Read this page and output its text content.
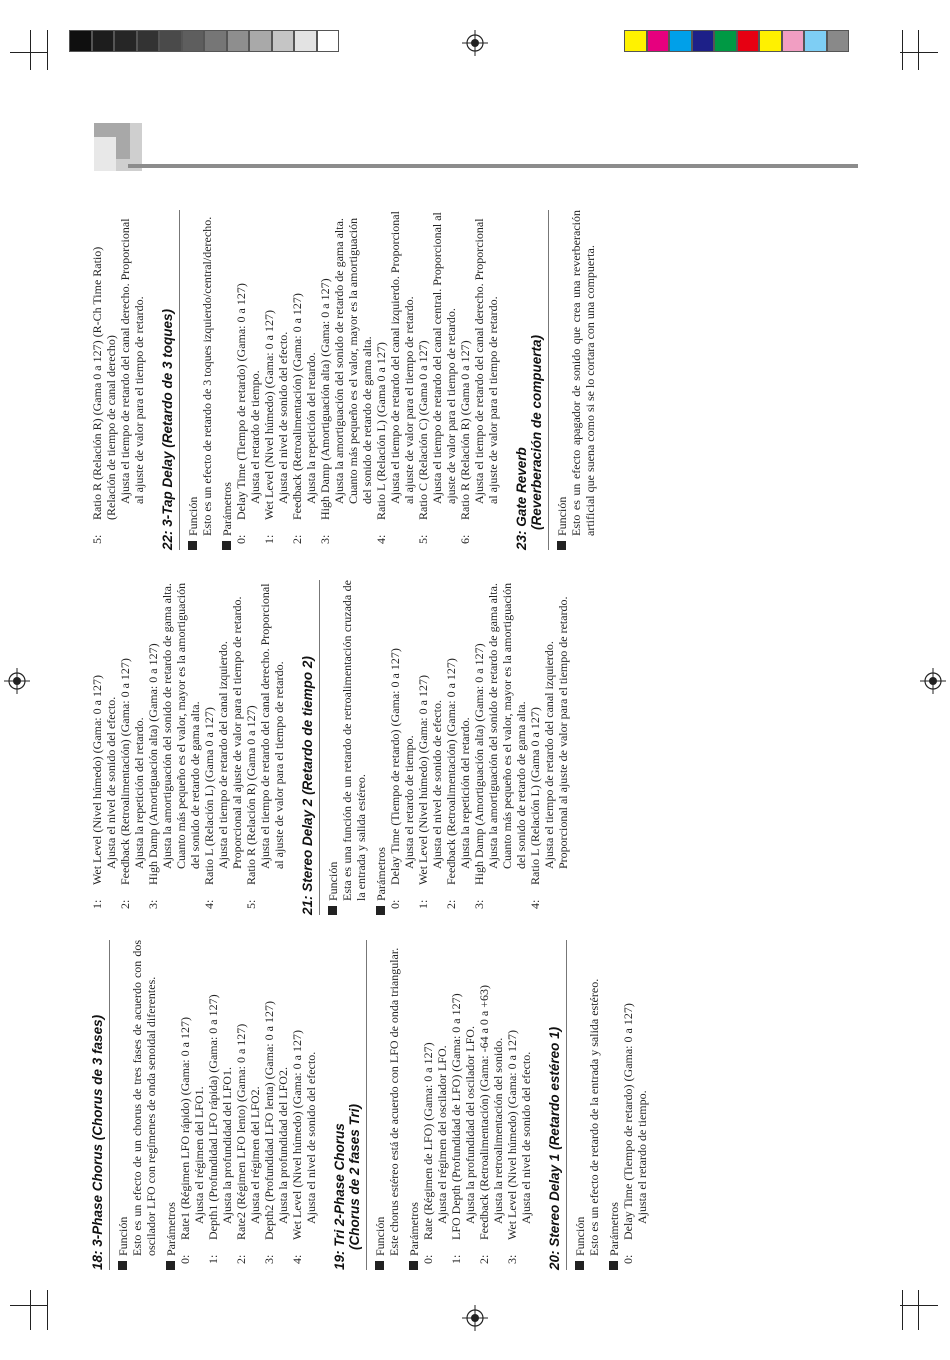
18: 3-Phase Chorus (Chorus de 3 fases) Función Esto es un efecto de un chorus de tres fases de acuerdo con dos oscilador LFO con regímenes de onda senoidal diferentes. Parámetros
0:
Rate1 (Régimen LFO rápido) (Gama: 0 a 127) Ajusta el régimen del LFO1.
1:
Depth1 (Profundidad LFO rápida) (Gama: 0 a 127) Ajusta la profundidad del LFO1.
2:
Rate2 (Régimen LFO lento) (Gama: 0 a 127) Ajusta el régimen del LFO2.
3:
Depth2 (Profundidad LFO lenta) (Gama: 0 a 127) Ajusta la profundidad del LFO2.
4:
Wet Level (Nivel húmedo) (Gama: 0 a 127) Ajusta el nivel de sonido del efecto. 19: Tri 2-Phase Chorus (Chorus de 2 fases Tri) Función Este chorus estéreo está de acuerdo con LFO de onda triangular. Parámetros
0:
Rate (Régimen de LFO) (Gama: 0 a 127) Ajusta el régimen del oscilador LFO.
1:
LFO Depth (Profundidad de LFO) (Gama: 0 a 127) Ajusta la profundidad del oscilador LFO.
2:
Feedback (Retroalimentación) (Gama: -64 a 0 a +63) Ajusta la retroalimentación del sonido.
3:
Wet Level (Nivel húmedo) (Gama: 0 a 127) Ajusta el nivel de sonido del efecto. 20: Stereo Delay 1 (Retardo estéreo 1) Función Esto es un efecto de retardo de la entrada y salida estéreo. Parámetros
0:
Delay Time (Tiempo de retardo) (Gama: 0 a 127) Ajusta el retardo de tiempo.
1:
Wet Level (Nivel húmedo) (Gama: 0 a 127) Ajusta el nivel de sonido del efecto.
2:
Feedback (Retroalimentación) (Gama: 0 a 127) Ajusta la repetición del retardo.
3:
High Damp (Amortiguación alta) (Gama: 0 a 127) Ajusta la amortiguación del sonido de retardo de gama alta. Cuanto más pequeño es el valor, mayor es la amortiguación del sonido de retardo de gama alta.
4:
Ratio L (Relación L) (Gama 0 a 127) Ajusta el tiempo de retardo del canal izquierdo. Proporcional al ajuste de valor para el tiempo de retardo.
5:
Ratio R (Relación R) (Gama 0 a 127) Ajusta el tiempo de retardo del canal derecho. Proporcional al ajuste de valor para el tiempo de retardo. 21: Stereo Delay 2 (Retardo de tiempo 2) Función Esta es una función de un retardo de retroalimentación cruzada de la entrada y salida estéreo. Parámetros
0:
Delay Time (Tiempo de retardo) (Gama: 0 a 127) Ajusta el retardo de tiempo.
1:
Wet Level (Nivel húmedo) (Gama: 0 a 127) Ajusta el nivel de sonido de efecto.
2:
Feedback (Retroalimentación) (Gama: 0 a 127) Ajusta la repetición del retardo.
3:
High Damp (Amortiguación alta) (Gama: 0 a 127) Ajusta la amortiguación del sonido de retardo de gama alta. Cuanto más pequeño es el valor, mayor es la amortiguación del sonido de retardo de gama alta.
4:
Ratio L (Relación L) (Gama 0 a 127) Ajusta el tiempo de retardo del canal izquierdo. Proporcional al ajuste de valor para el tiempo de retardo.
5:
Ratio R (Relación R) (Gama 0 a 127) (R-Ch Time Ratio) (Relación de tiempo de canal derecho) Ajusta el tiempo de retardo del canal derecho. Proporcional al ajuste de valor para el tiempo de retardo. 22: 3-Tap Delay (Retardo de 3 toques) Función Esto es un efecto de retardo de 3 toques izquierdo/central/derecho. Parámetros
0:
Delay Time (Tiempo de retardo) (Gama: 0 a 127) Ajusta el retardo de tiempo.
1:
Wet Level (Nivel húmedo) (Gama: 0 a 127) Ajusta el nivel de sonido del efecto.
2:
Feedback (Retroalimentación) (Gama: 0 a 127) Ajusta la repetición del retardo.
3:
High Damp (Amortiguación alta) (Gama: 0 a 127) Ajusta la amortiguación del sonido de retardo de gama alta. Cuanto más pequeño es el valor, mayor es la amortiguación del sonido de retardo de gama alta.
4:
Ratio L (Relación L) (Gama 0 a 127) Ajusta el tiempo de retardo del canal izquierdo. Proporcional al ajuste de valor para el tiempo de retardo.
5:
Ratio C (Relación C) (Gama 0 a 127) Ajusta el tiempo de retardo del canal central. Proporcional al ajuste de valor para el tiempo de retardo.
6:
Ratio R (Relación R) (Gama 0 a 127) Ajusta el tiempo de retardo del canal derecho. Proporcional al ajuste de valor para el tiempo de retardo. 23: Gate Reverb (Reverberación de compuerta) Función Esto es un efecto apagador de sonido que crea una reverberación artificial que suena como si se lo cortara con una compuerta.
